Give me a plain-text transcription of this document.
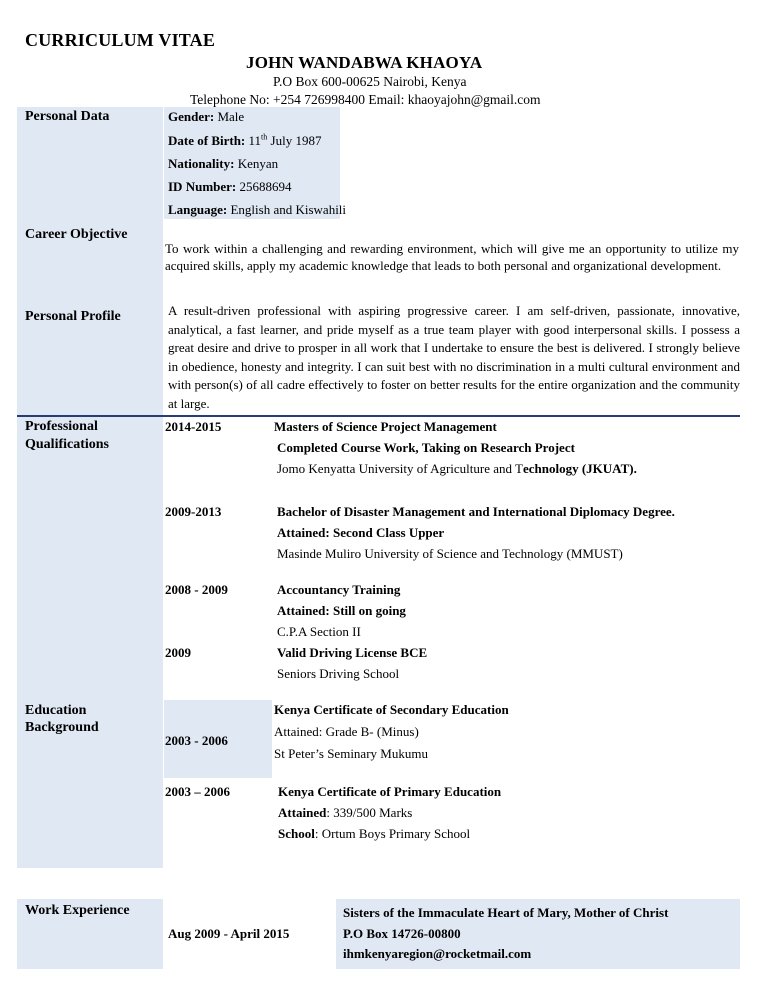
CURRICULUM VITAE
JOHN WANDABWA KHAOYA
P.O Box 600-00625 Nairobi, Kenya
Telephone No: +254 726998400 Email: khaoyajohn@gmail.com
Personal Data	Gender: Male
Date of Birth: 11th July 1987
Nationality: Kenyan
ID Number: 25688694
Language: English and Kiswahili
Career Objective
To work within a challenging and rewarding environment, which will give me an opportunity to utilize my acquired skills, apply my academic knowledge that leads to both personal and organizational development.
Personal Profile	A result-driven professional with aspiring progressive career. I am self-driven, passionate, innovative, analytical, a fast learner, and pride myself as a true team player with good interpersonal skills. I possess a great desire and drive to prosper in all work that I undertake to ensure the best is delivered. I strongly believe in obedience, honesty and integrity. I can suit best with no discrimination in a multi cultural environment and with person(s) of all cadre effectively to foster on better results for the entire organization and the community at large.
Professional
Qualifications
2014-2015	Masters of Science Project Management
Completed Course Work, Taking on Research Project
Jomo Kenyatta University of Agriculture and Technology (JKUAT).
2009-2013	Bachelor of Disaster Management and International Diplomacy Degree.
Attained: Second Class Upper
Masinde Muliro University of Science and Technology (MMUST)
2008 - 2009	Accountancy Training
Attained: Still on going
C.P.A Section II
2009	Valid Driving License BCE
Seniors Driving School
Education
Background
2003 - 2006
Kenya Certificate of Secondary Education
Attained: Grade B- (Minus)
St Peter’s Seminary Mukumu
2003 – 2006	Kenya Certificate of Primary Education
Attained: 339/500 Marks
School: Ortum Boys Primary School
Work Experience
Aug 2009 - April 2015
Sisters of the Immaculate Heart of Mary, Mother of Christ
P.O Box 14726-00800
ihmkenyaregion@rocketmail.com
